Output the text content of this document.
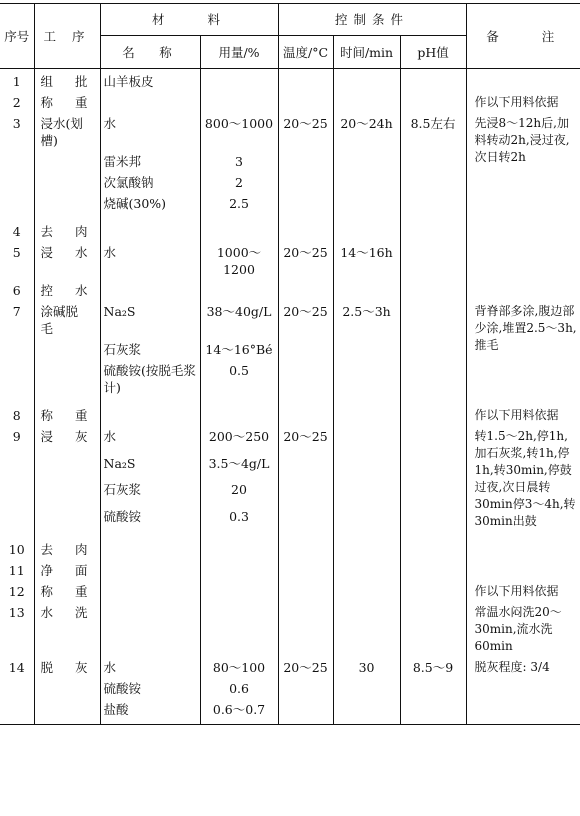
序号	工 序	材　　料		控制条件			备　　注
		名　称	用量/%	温度/°C	时间/min	pH值	
1	组 批	山羊板皮					
2	称 重						作以下用料依据
3	浸水(划槽)	水	800～1000	20～25	20～24h	8.5左右	先浸8～12h后,加料转动2h,浸过夜,次日转2h
		雷米邦	3				
		次氯酸钠	2				
		烧碱(30%)	2.5				
4	去 肉						
5	浸 水	水	1000～1200	20～25	14～16h		
6	控 水						
7	涂碱脱毛	Na₂S	38～40g/L	20～25	2.5～3h		背脊部多涂,腹边部少涂,堆置2.5～3h,推毛
		石灰浆	14～16°Bé				
		硫酸铵(按脱毛浆计)	0.5				
8	称 重						作以下用料依据
9	浸 灰	水	200～250	20～25			转1.5～2h,停1h,加石灰浆,转1h,停1h,转30min,停鼓过夜,次日晨转30min停3～4h,转30min出鼓
		Na₂S	3.5～4g/L				
		石灰浆	20				
		硫酸铵	0.3				
10	去 肉						
11	净 面						
12	称 重						作以下用料依据
13	水 洗						常温水闷洗20～30min,流水洗60min
14	脱 灰	水	80～100	20～25	30	8.5～9	脱灰程度: 3/4
		硫酸铵	0.6				
		盐酸	0.6～0.7				
